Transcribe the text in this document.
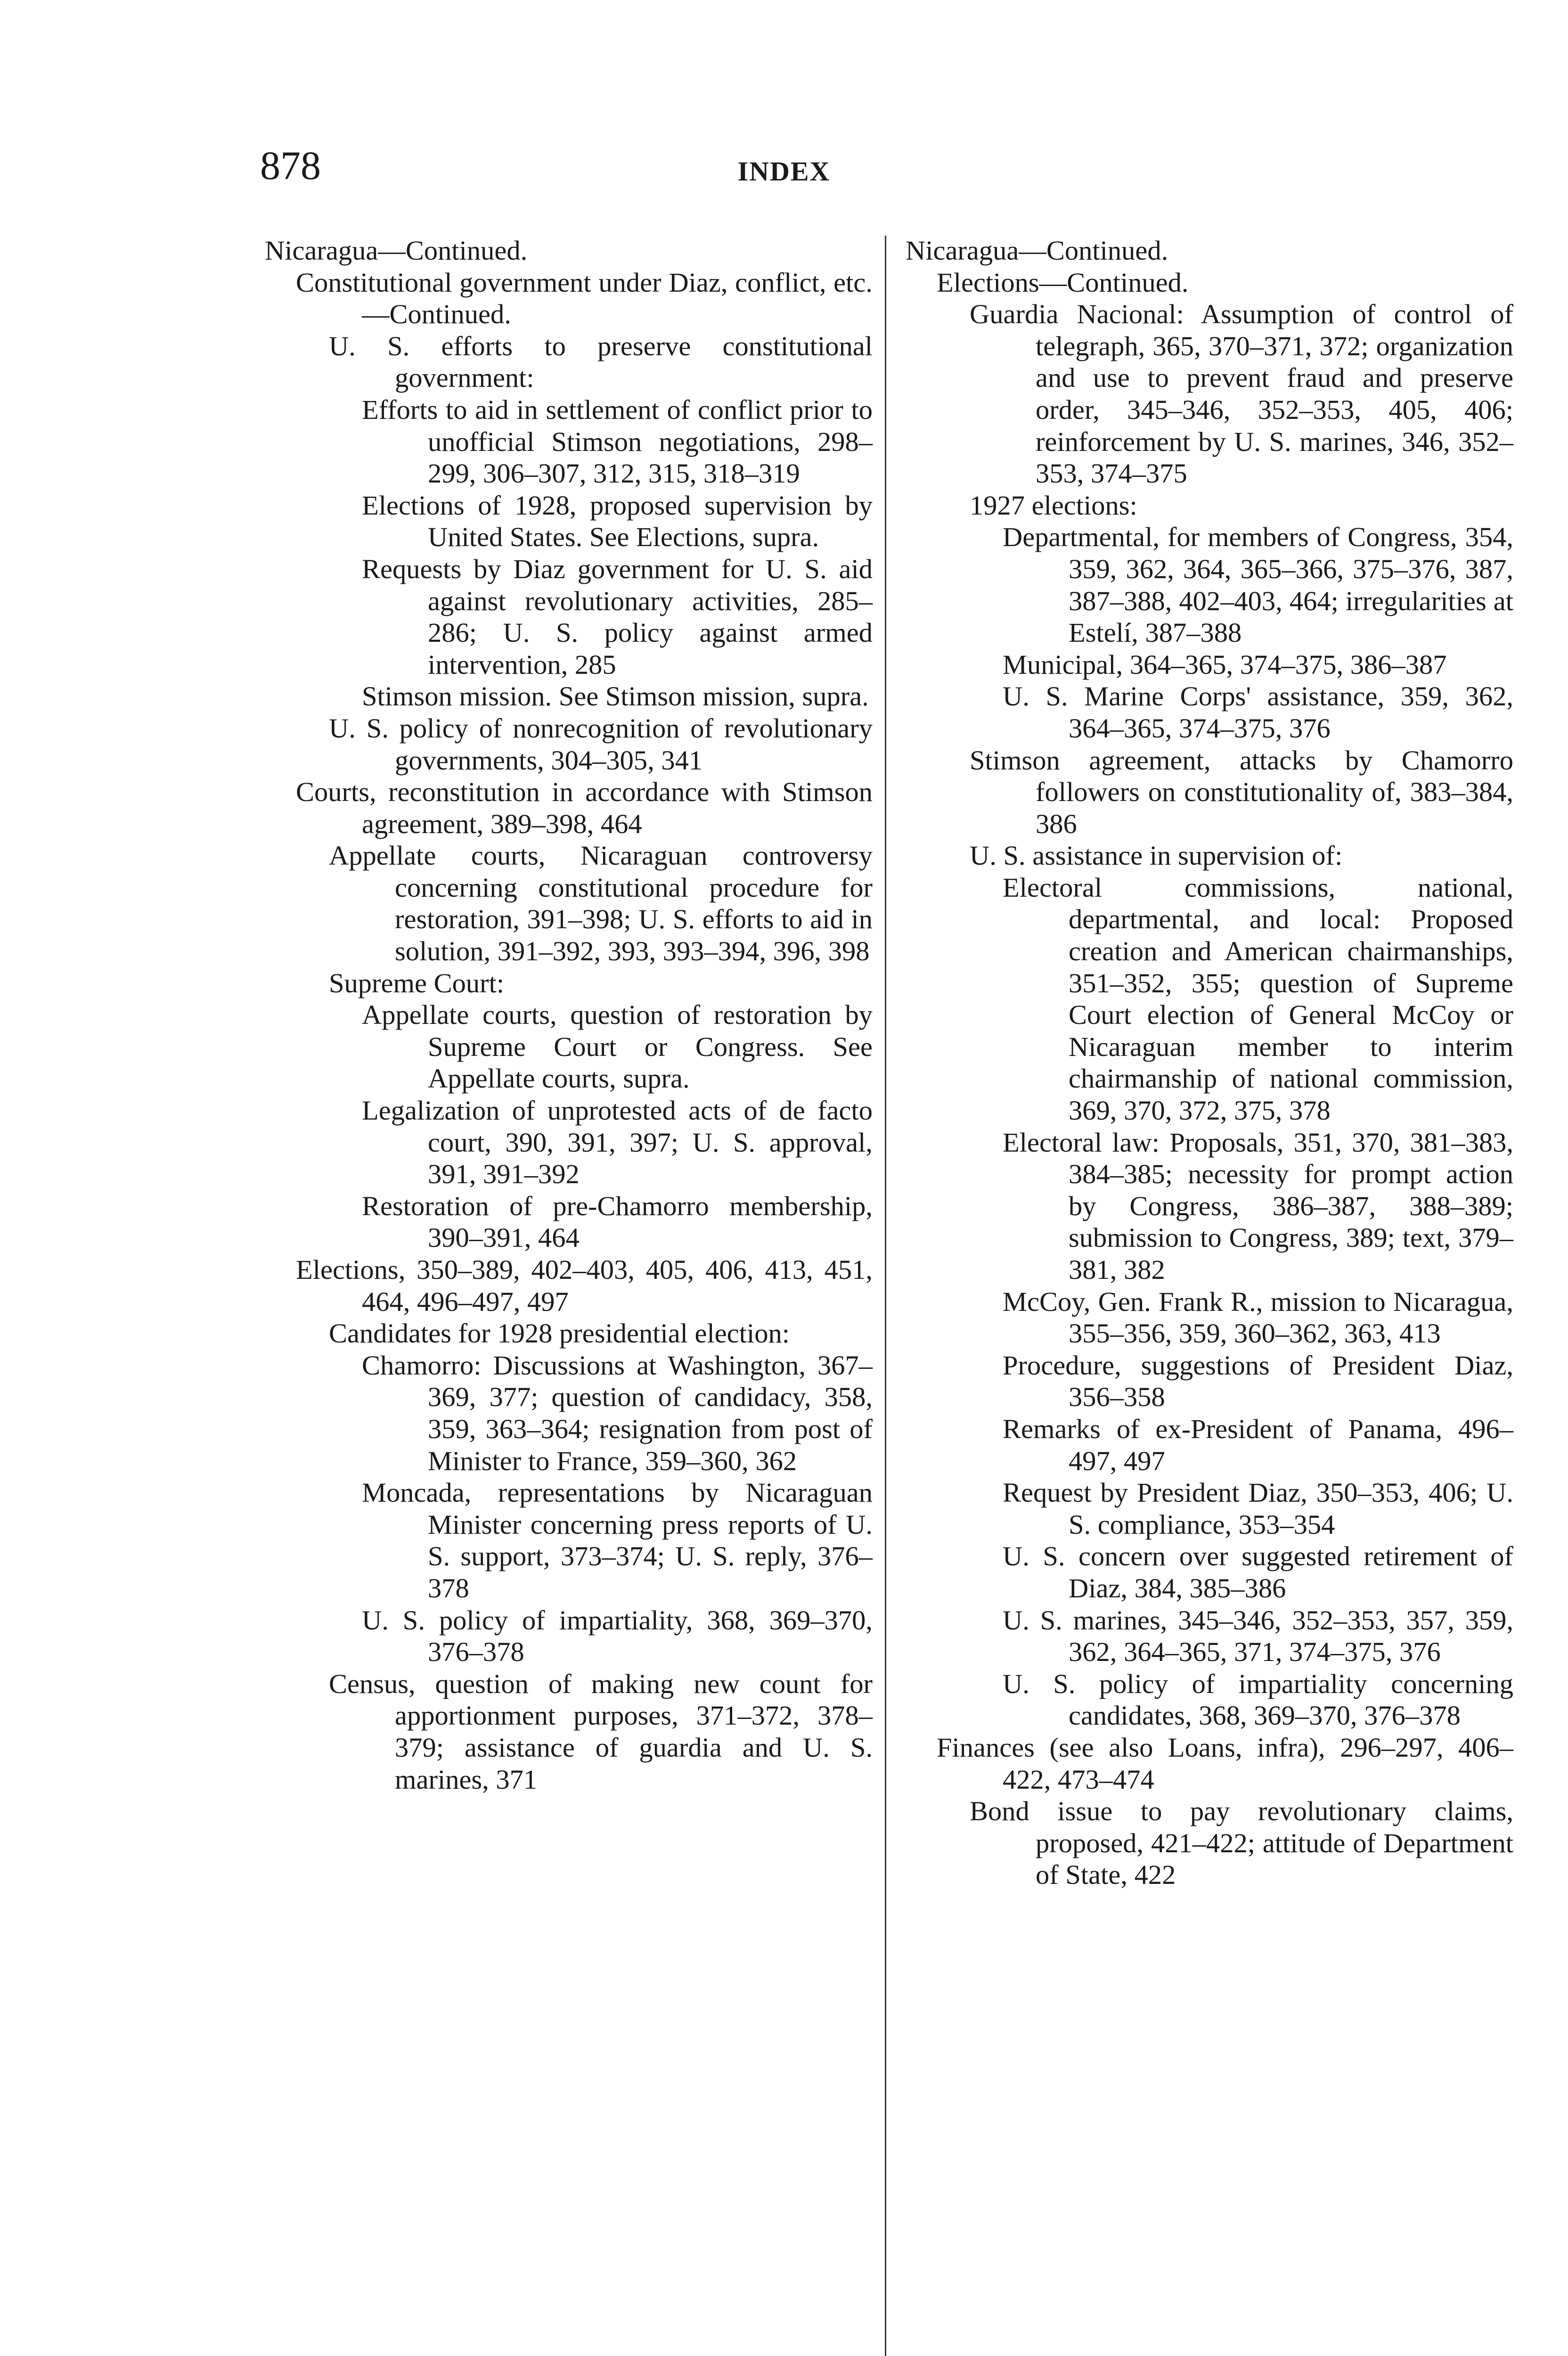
878	INDEX
Nicaragua—Continued.
Constitutional government under Diaz, conflict, etc.—Continued.
U. S. efforts to preserve constitutional government:
Efforts to aid in settlement of conflict prior to unofficial Stimson negotiations, 298–299, 306–307, 312, 315, 318–319
Elections of 1928, proposed supervision by United States. See Elections, supra.
Requests by Diaz government for U. S. aid against revolutionary activities, 285–286; U. S. policy against armed intervention, 285
Stimson mission. See Stimson mission, supra.
U. S. policy of nonrecognition of revolutionary governments, 304–305, 341
Courts, reconstitution in accordance with Stimson agreement, 389–398, 464
Appellate courts, Nicaraguan controversy concerning constitutional procedure for restoration, 391–398; U. S. efforts to aid in solution, 391–392, 393, 393–394, 396, 398
Supreme Court:
Appellate courts, question of restoration by Supreme Court or Congress. See Appellate courts, supra.
Legalization of unprotested acts of de facto court, 390, 391, 397; U. S. approval, 391, 391–392
Restoration of pre-Chamorro membership, 390–391, 464
Elections, 350–389, 402–403, 405, 406, 413, 451, 464, 496–497, 497
Candidates for 1928 presidential election:
Chamorro: Discussions at Washington, 367–369, 377; question of candidacy, 358, 359, 363–364; resignation from post of Minister to France, 359–360, 362
Moncada, representations by Nicaraguan Minister concerning press reports of U. S. support, 373–374; U. S. reply, 376–378
U. S. policy of impartiality, 368, 369–370, 376–378
Census, question of making new count for apportionment purposes, 371–372, 378–379; assistance of guardia and U. S. marines, 371
Nicaragua—Continued.
Elections—Continued.
Guardia Nacional: Assumption of control of telegraph, 365, 370–371, 372; organization and use to prevent fraud and preserve order, 345–346, 352–353, 405, 406; reinforcement by U. S. marines, 346, 352–353, 374–375
1927 elections:
Departmental, for members of Congress, 354, 359, 362, 364, 365–366, 375–376, 387, 387–388, 402–403, 464; irregularities at Estelí, 387–388
Municipal, 364–365, 374–375, 386–387
U. S. Marine Corps' assistance, 359, 362, 364–365, 374–375, 376
Stimson agreement, attacks by Chamorro followers on constitutionality of, 383–384, 386
U. S. assistance in supervision of:
Electoral commissions, national, departmental, and local: Proposed creation and American chairmanships, 351–352, 355; question of Supreme Court election of General McCoy or Nicaraguan member to interim chairmanship of national commission, 369, 370, 372, 375, 378
Electoral law: Proposals, 351, 370, 381–383, 384–385; necessity for prompt action by Congress, 386–387, 388–389; submission to Congress, 389; text, 379–381, 382
McCoy, Gen. Frank R., mission to Nicaragua, 355–356, 359, 360–362, 363, 413
Procedure, suggestions of President Diaz, 356–358
Remarks of ex-President of Panama, 496–497, 497
Request by President Diaz, 350–353, 406; U. S. compliance, 353–354
U. S. concern over suggested retirement of Diaz, 384, 385–386
U. S. marines, 345–346, 352–353, 357, 359, 362, 364–365, 371, 374–375, 376
U. S. policy of impartiality concerning candidates, 368, 369–370, 376–378
Finances (see also Loans, infra), 296–297, 406–422, 473–474
Bond issue to pay revolutionary claims, proposed, 421–422; attitude of Department of State, 422
